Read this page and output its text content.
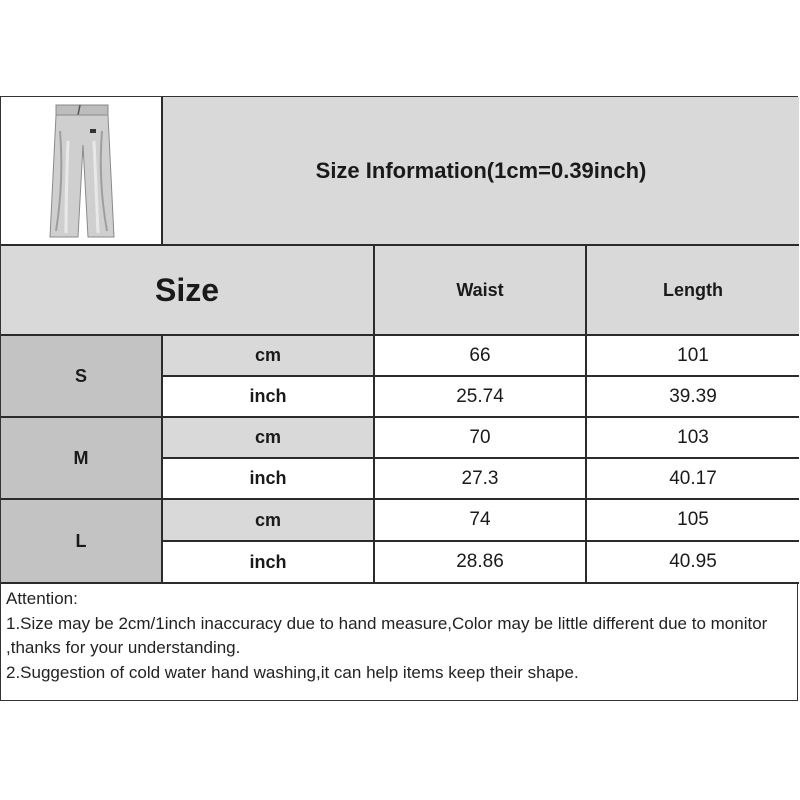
Size Information(1cm=0.39inch)
Size	Waist	Length
S
cm	66	101
inch	25.74	39.39
M
cm	70	103
inch	27.3	40.17
L
cm	74	105
inch	28.86	40.95

Attention:

1.Size may be 2cm/1inch inaccuracy due to hand measure,Color may be little different due to monitor ,thanks for your understanding.

2.Suggestion of cold water hand washing,it can help items keep their shape.
